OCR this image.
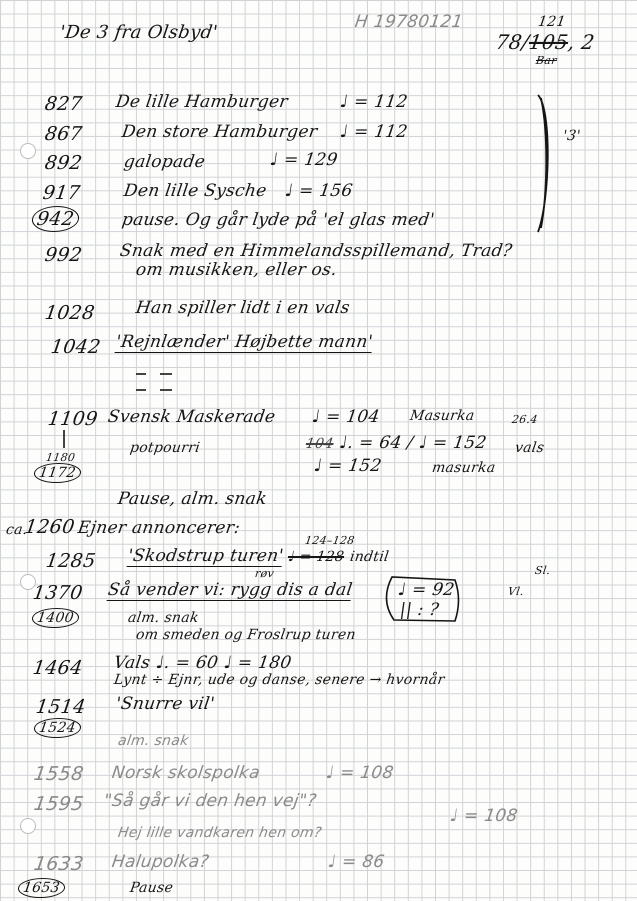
'De 3 fra Olsbyd'	H 19780121	121
78/105, 2
Bar
827 De lille Hamburger	♩ = 112
867 Den store Hamburger ♩ = 112
892 galopade	♩ = 129
917 Den lille Sysche ♩ = 156
942	pause. Og går lyde på 'el glas med'
'3'
992 Snak med en Himmelandsspillemand, Trad?
om musikken, eller os.
1028 Han spiller lidt i en vals
1042 'Rejnlænder' Højbette mann'
1109 Svensk Maskerade ♩ = 104 Masurka	26.4
potpourri	104 ♩. = 64 / ♩ = 152 vals
1180	♩ = 152	masurka
1172
Pause, alm. snak
ca.
1260 Ejner annoncerer:
124–128
1285 'Skodstrup turen' ♩ = 128 indtil
Sl.
røv
1370 Så vender vi: rygg dis a dal	♩ = 92
|| : ?
Vl.
1400	alm. snak
om smeden og Froslrup turen
1464 Vals ♩. = 60 ♩ = 180
Lynt ÷ Ejnr, ude og danse, senere → hvornår
1514 'Snurre vil'
1524
alm. snak
1558 Norsk skolspolka	♩ = 108
1595 "Så går vi den hen vej"?
♩ = 108
Hej lille vandkaren hen om?
1633 Halupolka?	♩ = 86
1653	Pause
